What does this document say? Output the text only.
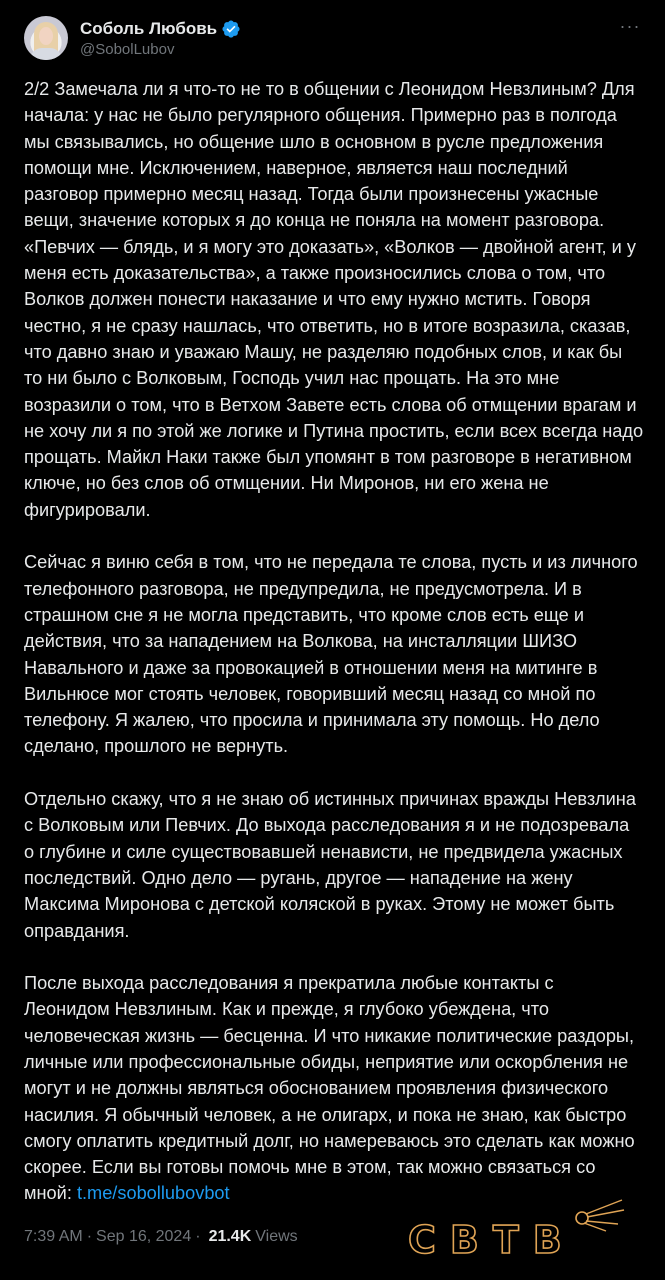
Соболь Любовь
@SobolLubov
···

2/2 Замечала ли я что-то не то в общении с Леонидом Невзлиным? Для начала: у нас не было регулярного общения. Примерно раз в полгода мы связывались, но общение шло в основном в русле предложения помощи мне. Исключением, наверное, является наш последний разговор примерно месяц назад. Тогда были произнесены ужасные вещи, значение которых я до конца не поняла на момент разговора. «Певчих — блядь, и я могу это доказать», «Волков — двойной агент, и у меня есть доказательства», а также произносились слова о том, что Волков должен понести наказание и что ему нужно мстить. Говоря честно, я не сразу нашлась, что ответить, но в итоге возразила, сказав, что давно знаю и уважаю Машу, не разделяю подобных слов, и как бы то ни было с Волковым, Господь учил нас прощать. На это мне возразили о том, что в Ветхом Завете есть слова об отмщении врагам и не хочу ли я по этой же логике и Путина простить, если всех всегда надо прощать. Майкл Наки также был упомянт в том разговоре в негативном ключе, но без слов об отмщении. Ни Миронов, ни его жена не фигурировали.

Сейчас я виню себя в том, что не передала те слова, пусть и из личного телефонного разговора, не предупредила, не предусмотрела. И в страшном сне я не могла представить, что кроме слов есть еще и действия, что за нападением на Волкова, на инсталляции ШИЗО Навального и даже за провокацией в отношении меня на митинге в Вильнюсе мог стоять человек, говоривший месяц назад со мной по телефону. Я жалею, что просила и принимала эту помощь. Но дело сделано, прошлого не вернуть.

Отдельно скажу, что я не знаю об истинных причинах вражды Невзлина с Волковым или Певчих. До выхода расследования я и не подозревала о глубине и силе существовавшей ненависти, не предвидела ужасных последствий. Одно дело — ругань, другое — нападение на жену Максима Миронова с детской коляской в руках. Этому не может быть оправдания.

После выхода расследования я прекратила любые контакты с Леонидом Невзлиным. Как и прежде, я глубоко убеждена, что человеческая жизнь — бесценна. И что никакие политические раздоры, личные или профессиональные обиды, неприятие или оскорбления не могут и не должны являться обоснованием проявления физического насилия. Я обычный человек, а не олигарх, и пока не знаю, как быстро смогу оплатить кредитный долг, но намереваюсь это сделать как можно скорее. Если вы готовы помочь мне в этом, так можно связаться со мной: t.me/sobollubovbot

7:39 AM · Sep 16, 2024 · 21.4K Views	СВТВ
